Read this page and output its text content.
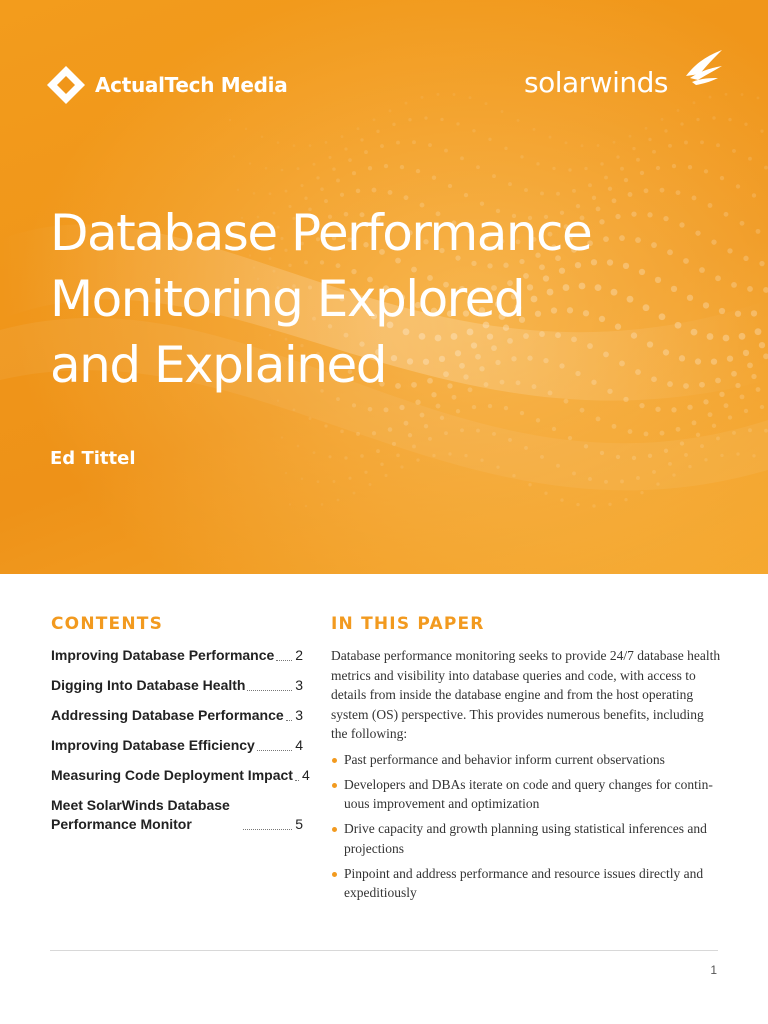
ActualTech Media	solarwinds
Database Performance
Monitoring Explored
and Explained
Ed Tittel
CONTENTS	IN THIS PAPER
Improving Database Performance 2
Digging Into Database Health	3
Addressing Database Performance 3
Improving Database Efficiency	4
Measuring Code Deployment Impact 4
Meet SolarWinds Database Performance Monitor	5

Database performance monitoring seeks to provide 24/7 database health metrics and visibility into database queries and code, with access to details from inside the database engine and from the host operating system (OS) perspective. This provides numerous benefits, including the following:

Past performance and behavior inform current observations
Developers and DBAs iterate on code and query changes for contin-uous improvement and optimization
Drive capacity and growth planning using statistical inferences and projections
Pinpoint and address performance and resource issues directly and expeditiously
1
